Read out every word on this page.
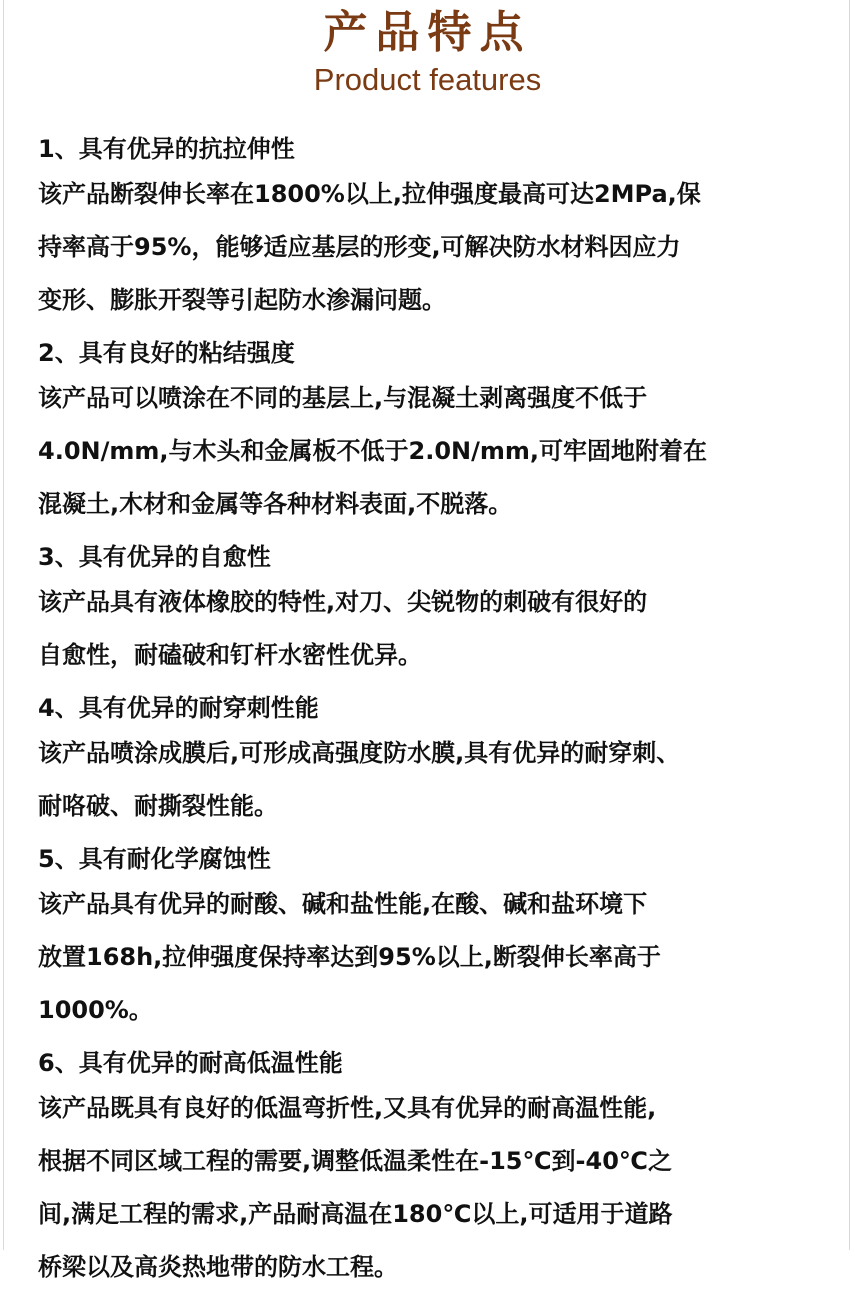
产品特点
Product features

1、具有优异的抗拉伸性

该产品断裂伸长率在1800%以上,拉伸强度最高可达2MPa,保

持率高于95%，能够适应基层的形变,可解决防水材料因应力

变形、膨胀开裂等引起防水渗漏问题。

2、具有良好的粘结强度

该产品可以喷涂在不同的基层上,与混凝土剥离强度不低于

4.0N/mm,与木头和金属板不低于2.0N/mm,可牢固地附着在

混凝土,木材和金属等各种材料表面,不脱落。

3、具有优异的自愈性

该产品具有液体橡胶的特性,对刀、尖锐物的刺破有很好的

自愈性，耐磕破和钉杆水密性优异。

4、具有优异的耐穿刺性能

该产品喷涂成膜后,可形成高强度防水膜,具有优异的耐穿刺、

耐咯破、耐撕裂性能。

5、具有耐化学腐蚀性

该产品具有优异的耐酸、碱和盐性能,在酸、碱和盐环境下

放置168h,拉伸强度保持率达到95%以上,断裂伸长率高于

1000%。

6、具有优异的耐高低温性能

该产品既具有良好的低温弯折性,又具有优异的耐高温性能,

根据不同区域工程的需要,调整低温柔性在-15℃到-40℃之

间,满足工程的需求,产品耐高温在180℃以上,可适用于道路

桥梁以及高炎热地带的防水工程。
